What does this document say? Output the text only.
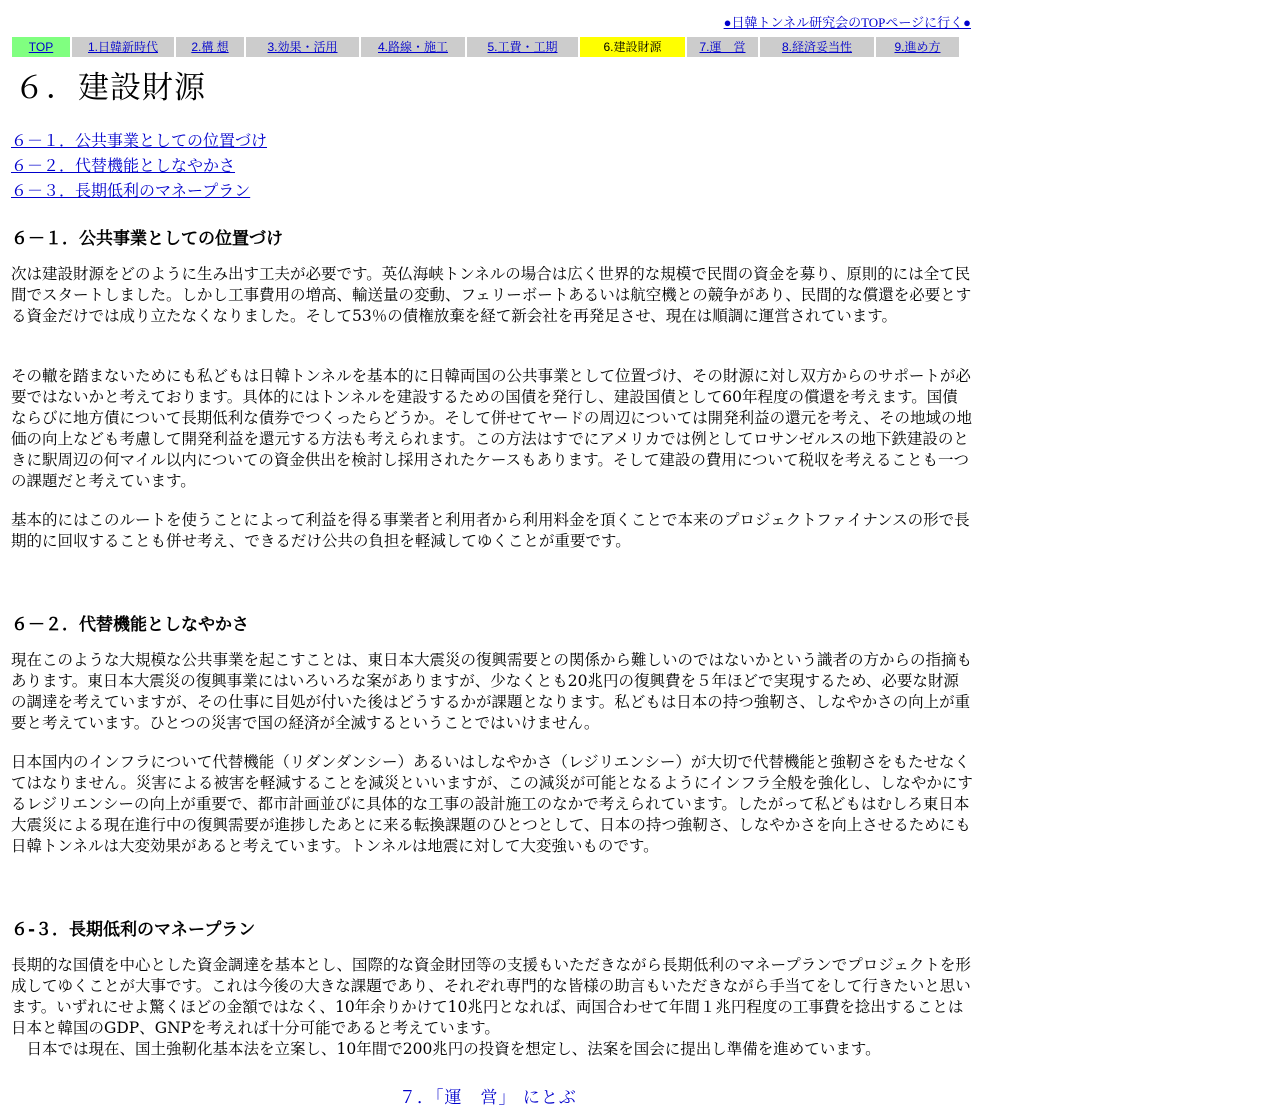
●日韓トンネル研究会のTOPページに行く●
TOP	1.日韓新時代	2.構 想	3.効果・活用	4.路線・施工	5.工費・工期	6.建設財源	7.運　営	8.経済妥当性	9.進め方
６．建設財源
６－１．公共事業としての位置づけ
６－２．代替機能としなやかさ
６－３．長期低利のマネープラン
６－１．公共事業としての位置づけ

次は建設財源をどのように生み出す工夫が必要です。英仏海峡トンネルの場合は広く世界的な規模で民間の資金を募り、原則的には全て民間でスタートしました。しかし工事費用の増高、輸送量の変動、フェリーボートあるいは航空機との競争があり、民間的な償還を必要とする資金だけでは成り立たなくなりました。そして53％の債権放棄を経て新会社を再発足させ、現在は順調に運営されています。

その轍を踏まないためにも私どもは日韓トンネルを基本的に日韓両国の公共事業として位置づけ、その財源に対し双方からのサポートが必要ではないかと考えております。具体的にはトンネルを建設するための国債を発行し、建設国債として60年程度の償還を考えます。国債ならびに地方債について長期低利な債券でつくったらどうか。そして併せてヤードの周辺については開発利益の還元を考え、その地域の地価の向上なども考慮して開発利益を還元する方法も考えられます。この方法はすでにアメリカでは例としてロサンゼルスの地下鉄建設のときに駅周辺の何マイル以内についての資金供出を検討し採用されたケースもあります。そして建設の費用について税収を考えることも一つの課題だと考えています。

基本的にはこのルートを使うことによって利益を得る事業者と利用者から利用料金を頂くことで本来のプロジェクトファイナンスの形で長期的に回収することも併せ考え、できるだけ公共の負担を軽減してゆくことが重要です。

６－２．代替機能としなやかさ

現在このような大規模な公共事業を起こすことは、東日本大震災の復興需要との関係から難しいのではないかという識者の方からの指摘もあります。東日本大震災の復興事業にはいろいろな案がありますが、少なくとも20兆円の復興費を５年ほどで実現するため、必要な財源の調達を考えていますが、その仕事に目処が付いた後はどうするかが課題となります。私どもは日本の持つ強靭さ、しなやかさの向上が重要と考えています。ひとつの災害で国の経済が全滅するということではいけません。

日本国内のインフラについて代替機能（リダンダンシー）あるいはしなやかさ（レジリエンシー）が大切で代替機能と強靭さをもたせなくてはなりません。災害による被害を軽減することを減災といいますが、この減災が可能となるようにインフラ全般を強化し、しなやかにするレジリエンシーの向上が重要で、都市計画並びに具体的な工事の設計施工のなかで考えられています。したがって私どもはむしろ東日本大震災による現在進行中の復興需要が進捗したあとに来る転換課題のひとつとして、日本の持つ強靭さ、しなやかさを向上させるためにも日韓トンネルは大変効果があると考えています。トンネルは地震に対して大変強いものです。

６-３．長期低利のマネープラン

長期的な国債を中心とした資金調達を基本とし、国際的な資金財団等の支援もいただきながら長期低利のマネープランでプロジェクトを形成してゆくことが大事です。これは今後の大きな課題であり、それぞれ専門的な皆様の助言もいただきながら手当てをして行きたいと思います。いずれにせよ驚くほどの金額ではなく、10年余りかけて10兆円となれば、両国合わせて年間１兆円程度の工事費を捻出することは日本と韓国のGDP、GNPを考えれば十分可能であると考えています。

　日本では現在、国土強靭化基本法を立案し、10年間で200兆円の投資を想定し、法案を国会に提出し準備を進めています。

７．「運　営」 にとぶ
